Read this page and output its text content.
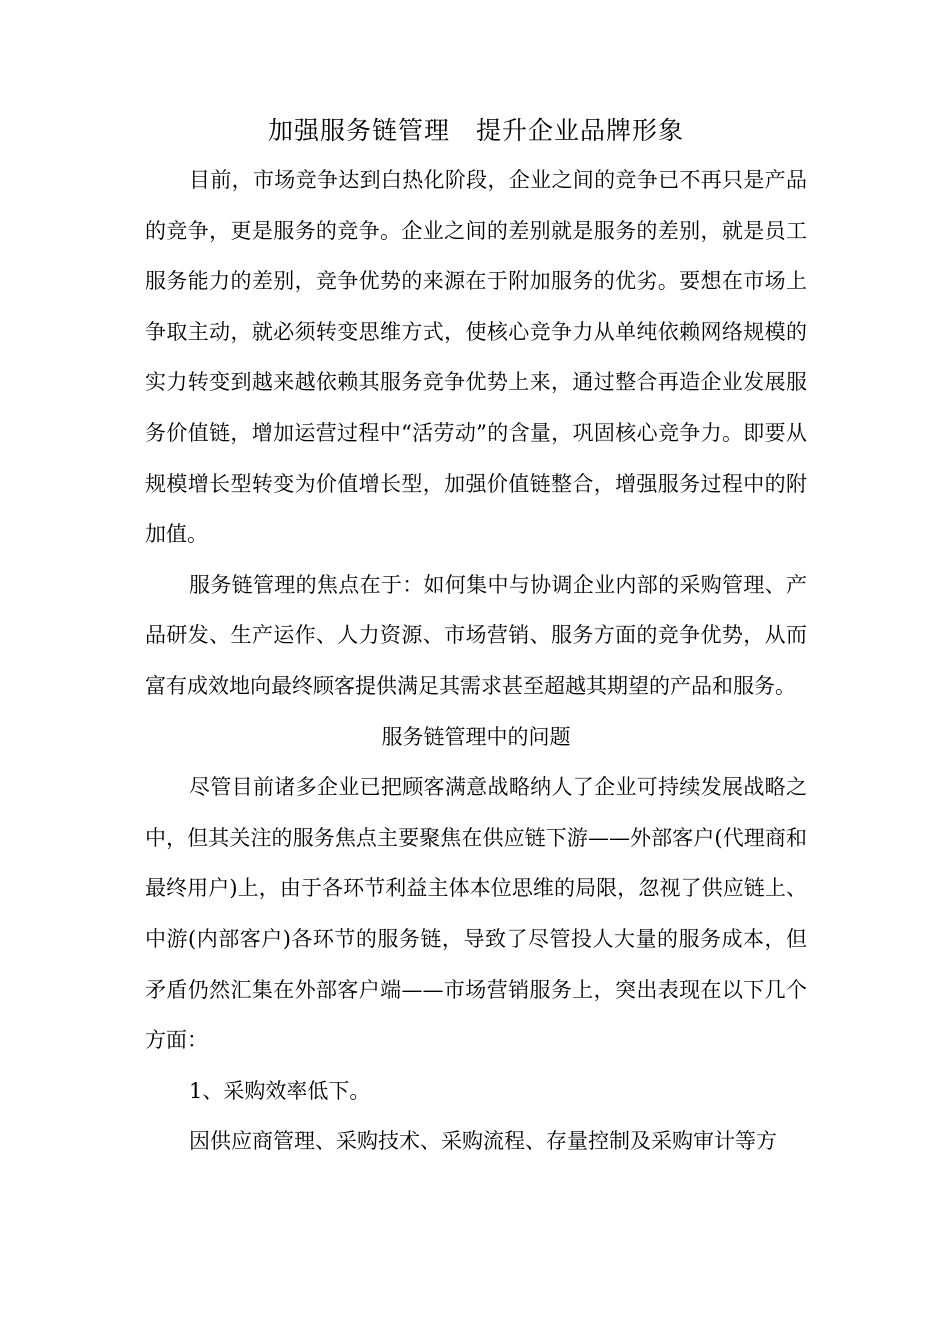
加强服务链管理　提升企业品牌形象

目前，市场竞争达到白热化阶段，企业之间的竞争已不再只是产品的竞争，更是服务的竞争。企业之间的差别就是服务的差别，就是员工服务能力的差别，竞争优势的来源在于附加服务的优劣。要想在市场上争取主动，就必须转变思维方式，使核心竞争力从单纯依赖网络规模的实力转变到越来越依赖其服务竞争优势上来，通过整合再造企业发展服务价值链，增加运营过程中“活劳动”的含量，巩固核心竞争力。即要从规模增长型转变为价值增长型，加强价值链整合，增强服务过程中的附加值。

服务链管理的焦点在于：如何集中与协调企业内部的采购管理、产品研发、生产运作、人力资源、市场营销、服务方面的竞争优势，从而富有成效地向最终顾客提供满足其需求甚至超越其期望的产品和服务。

服务链管理中的问题

尽管目前诸多企业已把顾客满意战略纳人了企业可持续发展战略之中，但其关注的服务焦点主要聚焦在供应链下游——外部客户(代理商和最终用户)上，由于各环节利益主体本位思维的局限，忽视了供应链上、中游(内部客户)各环节的服务链，导致了尽管投人大量的服务成本，但矛盾仍然汇集在外部客户端——市场营销服务上，突出表现在以下几个方面：

1、采购效率低下。

因供应商管理、采购技术、采购流程、存量控制及采购审计等方
